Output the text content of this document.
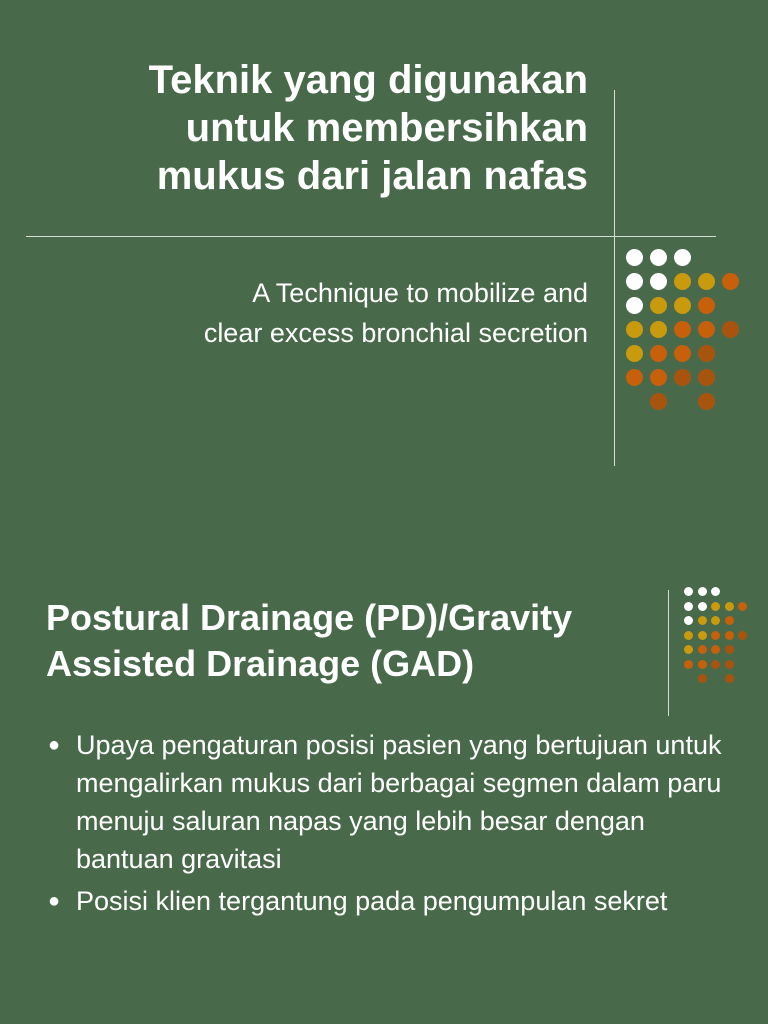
Teknik yang digunakan
untuk membersihkan
mukus dari jalan nafas

A Technique to mobilize and
clear excess bronchial secretion

Postural Drainage (PD)/Gravity
Assisted Drainage (GAD)
● Upaya pengaturan posisi pasien yang bertujuan untuk mengalirkan mukus dari berbagai segmen dalam paru menuju saluran napas yang lebih besar dengan bantuan gravitasi
● Posisi klien tergantung pada pengumpulan sekret
